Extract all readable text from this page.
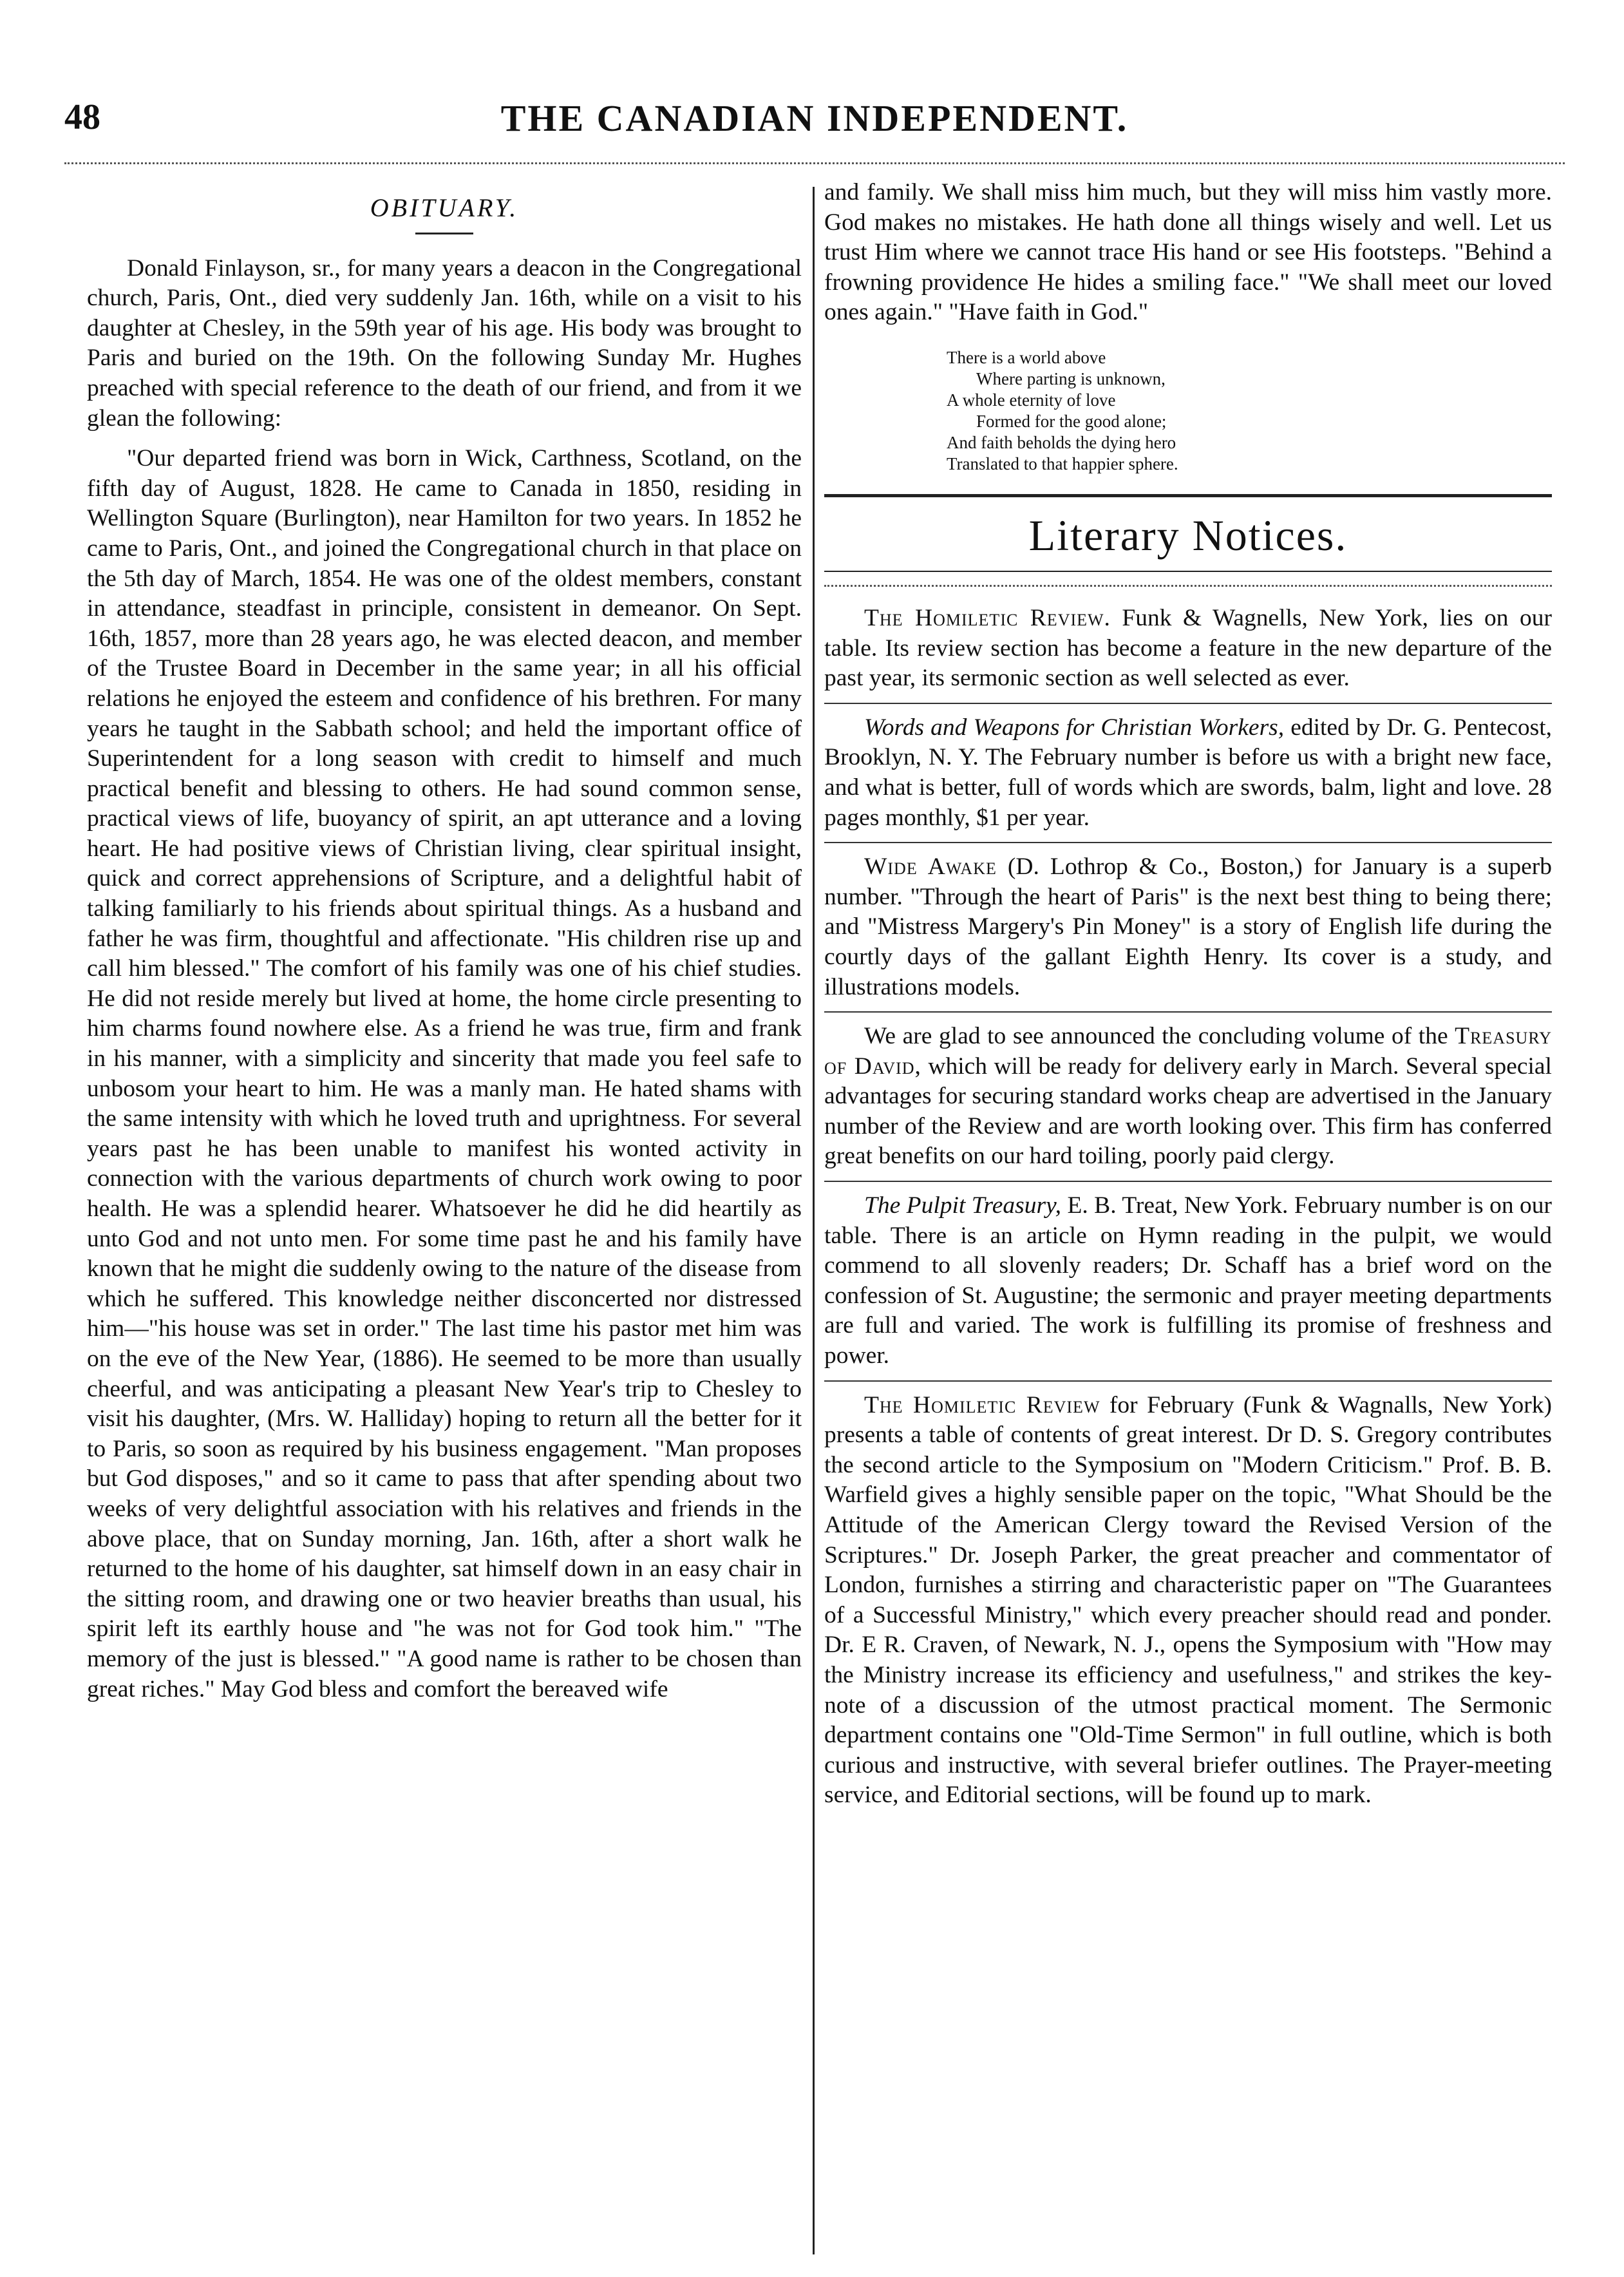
48	THE CANADIAN INDEPENDENT.
OBITUARY.

Donald Finlayson, sr., for many years a deacon in the Congregational church, Paris, Ont., died very suddenly Jan. 16th, while on a visit to his daughter at Chesley, in the 59th year of his age. His body was brought to Paris and buried on the 19th. On the following Sunday Mr. Hughes preached with special reference to the death of our friend, and from it we glean the following:

"Our departed friend was born in Wick, Carthness, Scotland, on the fifth day of August, 1828. He came to Canada in 1850, residing in Wellington Square (Burlington), near Hamilton for two years. In 1852 he came to Paris, Ont., and joined the Congregational church in that place on the 5th day of March, 1854. He was one of the oldest members, constant in attendance, steadfast in principle, consistent in demeanor. On Sept. 16th, 1857, more than 28 years ago, he was elected deacon, and member of the Trustee Board in December in the same year; in all his official relations he enjoyed the esteem and confidence of his brethren. For many years he taught in the Sabbath school; and held the important office of Superintendent for a long season with credit to himself and much practical benefit and blessing to others. He had sound common sense, practical views of life, buoyancy of spirit, an apt utterance and a loving heart. He had positive views of Christian living, clear spiritual insight, quick and correct apprehensions of Scripture, and a delightful habit of talking familiarly to his friends about spiritual things. As a husband and father he was firm, thoughtful and affectionate. "His children rise up and call him blessed." The comfort of his family was one of his chief studies. He did not reside merely but lived at home, the home circle presenting to him charms found nowhere else. As a friend he was true, firm and frank in his manner, with a simplicity and sincerity that made you feel safe to unbosom your heart to him. He was a manly man. He hated shams with the same intensity with which he loved truth and uprightness. For several years past he has been unable to manifest his wonted activity in connection with the various departments of church work owing to poor health. He was a splendid hearer. Whatsoever he did he did heartily as unto God and not unto men. For some time past he and his family have known that he might die suddenly owing to the nature of the disease from which he suffered. This knowledge neither disconcerted nor distressed him—"his house was set in order." The last time his pastor met him was on the eve of the New Year, (1886). He seemed to be more than usually cheerful, and was anticipating a pleasant New Year's trip to Chesley to visit his daughter, (Mrs. W. Halliday) hoping to return all the better for it to Paris, so soon as required by his business engagement. "Man proposes but God disposes," and so it came to pass that after spending about two weeks of very delightful association with his relatives and friends in the above place, that on Sunday morning, Jan. 16th, after a short walk he returned to the home of his daughter, sat himself down in an easy chair in the sitting room, and drawing one or two heavier breaths than usual, his spirit left its earthly house and "he was not for God took him." "The memory of the just is blessed." "A good name is rather to be chosen than great riches." May God bless and comfort the bereaved wife

and family. We shall miss him much, but they will miss him vastly more. God makes no mistakes. He hath done all things wisely and well. Let us trust Him where we cannot trace His hand or see His footsteps. "Behind a frowning providence He hides a smiling face." "We shall meet our loved ones again." "Have faith in God."

There is a world above
Where parting is unknown,
A whole eternity of love
Formed for the good alone;
And faith beholds the dying hero
Translated to that happier sphere.
Literary Notices.

The Homiletic Review. Funk & Wagnells, New York, lies on our table. Its review section has become a feature in the new departure of the past year, its sermonic section as well selected as ever.

Words and Weapons for Christian Workers, edited by Dr. G. Pentecost, Brooklyn, N. Y. The February number is before us with a bright new face, and what is better, full of words which are swords, balm, light and love. 28 pages monthly, $1 per year.

Wide Awake (D. Lothrop & Co., Boston,) for January is a superb number. "Through the heart of Paris" is the next best thing to being there; and "Mistress Margery's Pin Money" is a story of English life during the courtly days of the gallant Eighth Henry. Its cover is a study, and illustrations models.

We are glad to see announced the concluding volume of the Treasury of David, which will be ready for delivery early in March. Several special advantages for securing standard works cheap are advertised in the January number of the Review and are worth looking over. This firm has conferred great benefits on our hard toiling, poorly paid clergy.

The Pulpit Treasury, E. B. Treat, New York. February number is on our table. There is an article on Hymn reading in the pulpit, we would commend to all slovenly readers; Dr. Schaff has a brief word on the confession of St. Augustine; the sermonic and prayer meeting departments are full and varied. The work is fulfilling its promise of freshness and power.

The Homiletic Review for February (Funk & Wagnalls, New York) presents a table of contents of great interest. Dr D. S. Gregory contributes the second article to the Symposium on "Modern Criticism." Prof. B. B. Warfield gives a highly sensible paper on the topic, "What Should be the Attitude of the American Clergy toward the Revised Version of the Scriptures." Dr. Joseph Parker, the great preacher and commentator of London, furnishes a stirring and characteristic paper on "The Guarantees of a Successful Ministry," which every preacher should read and ponder. Dr. E R. Craven, of Newark, N. J., opens the Symposium with "How may the Ministry increase its efficiency and usefulness," and strikes the key-note of a discussion of the utmost practical moment. The Sermonic department contains one "Old-Time Sermon" in full outline, which is both curious and instructive, with several briefer outlines. The Prayer-meeting service, and Editorial sections, will be found up to mark.
